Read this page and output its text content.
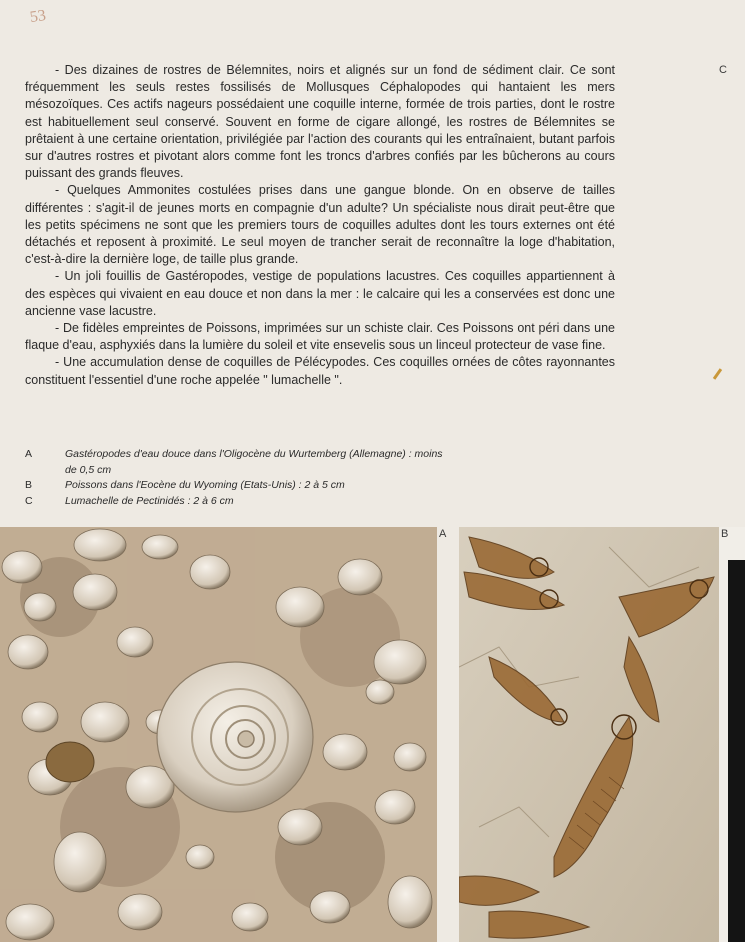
53
C

- Des dizaines de rostres de Bélemnites, noirs et alignés sur un fond de sédiment clair. Ce sont fréquemment les seuls restes fossilisés de Mollusques Céphalopodes qui hantaient les mers mésozoïques. Ces actifs nageurs possédaient une coquille interne, formée de trois parties, dont le rostre est habituellement seul conservé. Souvent en forme de cigare allongé, les rostres de Bélemnites se prêtaient à une certaine orientation, privilégiée par l'action des courants qui les entraînaient, butant parfois sur d'autres rostres et pivotant alors comme font les troncs d'arbres confiés par les bûcherons au cours puissant des grands fleuves.

- Quelques Ammonites costulées prises dans une gangue blonde. On en observe de tailles différentes : s'agit-il de jeunes morts en compagnie d'un adulte? Un spécialiste nous dirait peut-être que les petits spécimens ne sont que les premiers tours de coquilles adultes dont les tours externes ont été détachés et reposent à proximité. Le seul moyen de trancher serait de reconnaître la loge d'habitation, c'est-à-dire la dernière loge, de taille plus grande.

- Un joli fouillis de Gastéropodes, vestige de populations lacustres. Ces coquilles appartiennent à des espèces qui vivaient en eau douce et non dans la mer : le calcaire qui les a conservées est donc une ancienne vase lacustre.

- De fidèles empreintes de Poissons, imprimées sur un schiste clair. Ces Poissons ont péri dans une flaque d'eau, asphyxiés dans la lumière du soleil et vite ensevelis sous un linceul protecteur de vase fine.

- Une accumulation dense de coquilles de Pélécypodes. Ces coquilles ornées de côtes rayonnantes constituent l'essentiel d'une roche appelée " lumachelle ".

A	Gastéropodes d'eau douce dans l'Oligocène du Wurtemberg (Allemagne) : moins de 0,5 cm
B	Poissons dans l'Eocène du Wyoming (Etats-Unis) : 2 à 5 cm
C	Lumachelle de Pectinidés : 2 à 6 cm
A	B
